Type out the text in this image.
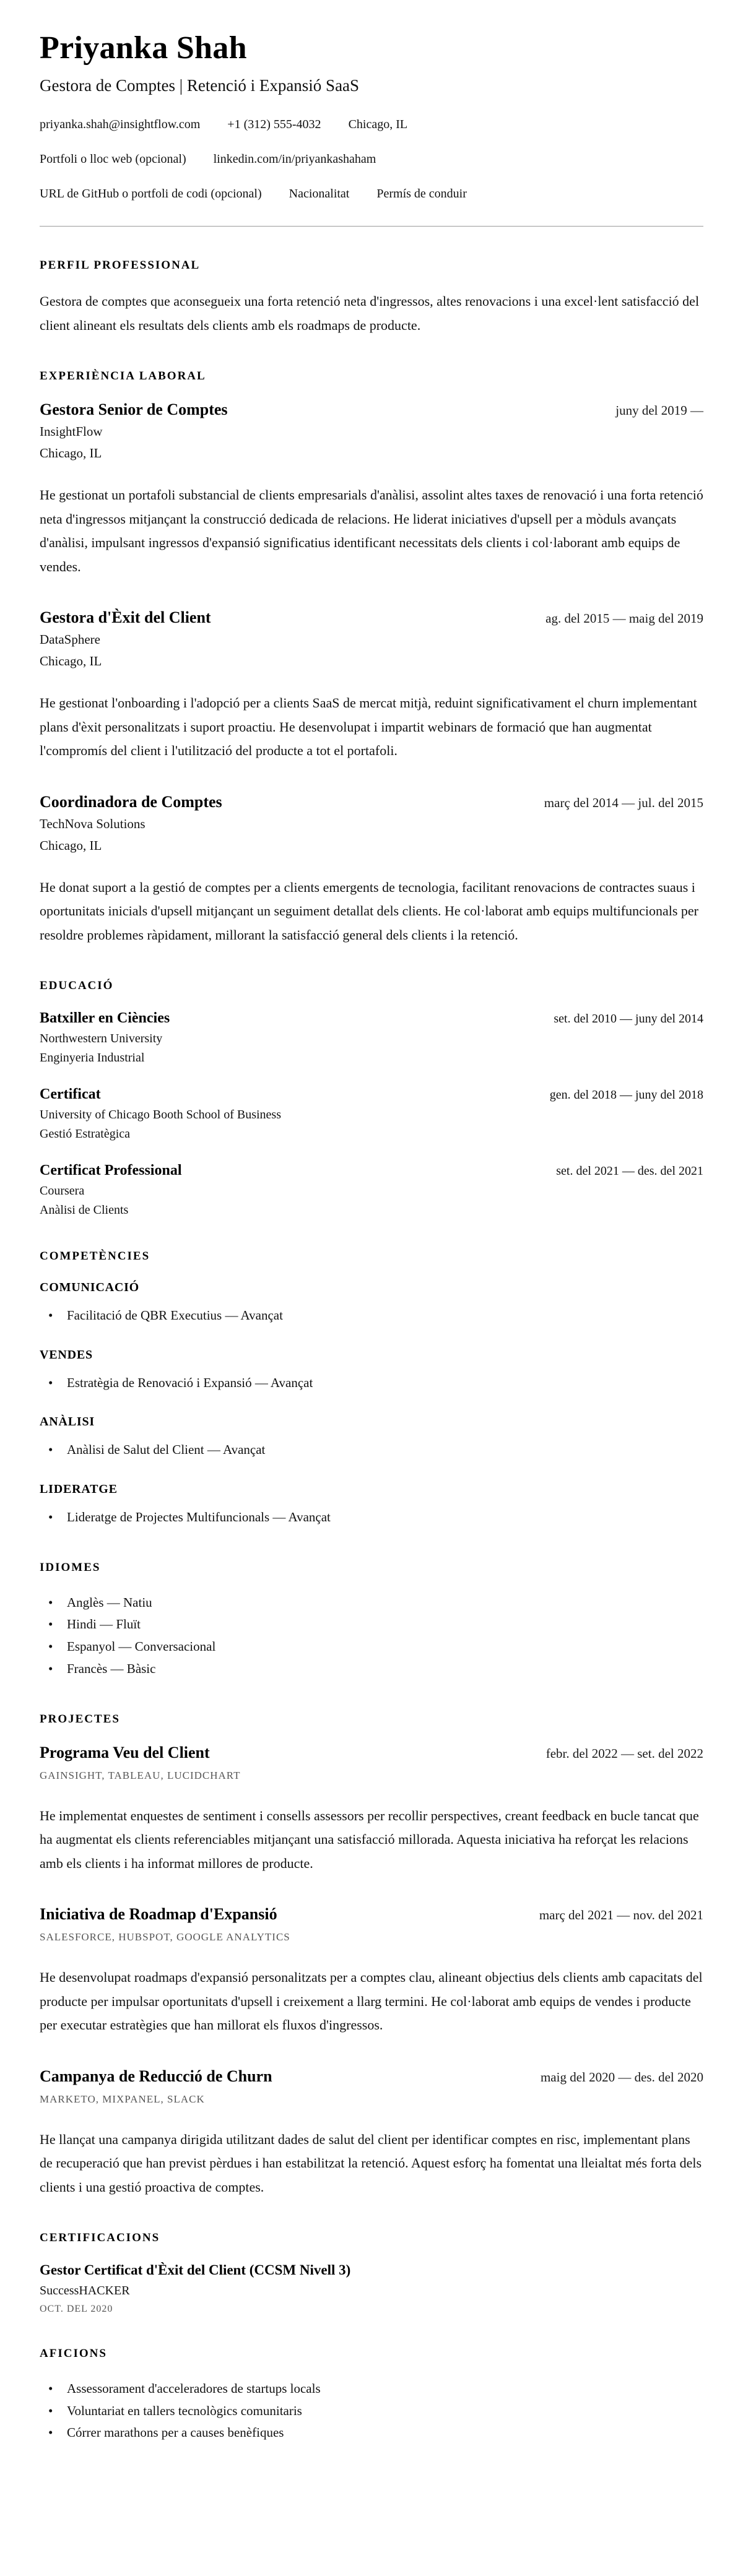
Priyanka Shah
Gestora de Comptes | Retenció i Expansió SaaS
priyanka.shah@insightflow.com +1 (312) 555-4032 Chicago, IL
Portfoli o lloc web (opcional) linkedin.com/in/priyankashaham
URL de GitHub o portfoli de codi (opcional) Nacionalitat Permís de conduir
PERFIL PROFESSIONAL

Gestora de comptes que aconsegueix una forta retenció neta d'ingressos, altes renovacions i una excel·lent satisfacció del client alineant els resultats dels clients amb els roadmaps de producte.

EXPERIÈNCIA LABORAL
Gestora Senior de Comptes	juny del 2019 —
InsightFlow
Chicago, IL

He gestionat un portafoli substancial de clients empresarials d'anàlisi, assolint altes taxes de renovació i una forta retenció neta d'ingressos mitjançant la construcció dedicada de relacions. He liderat iniciatives d'upsell per a mòduls avançats d'anàlisi, impulsant ingressos d'expansió significatius identificant necessitats dels clients i col·laborant amb equips de vendes.

Gestora d'Èxit del Client	ag. del 2015 — maig del 2019
DataSphere
Chicago, IL

He gestionat l'onboarding i l'adopció per a clients SaaS de mercat mitjà, reduint significativament el churn implementant plans d'èxit personalitzats i suport proactiu. He desenvolupat i impartit webinars de formació que han augmentat l'compromís del client i l'utilització del producte a tot el portafoli.

Coordinadora de Comptes	març del 2014 — jul. del 2015
TechNova Solutions
Chicago, IL

He donat suport a la gestió de comptes per a clients emergents de tecnologia, facilitant renovacions de contractes suaus i oportunitats inicials d'upsell mitjançant un seguiment detallat dels clients. He col·laborat amb equips multifuncionals per resoldre problemes ràpidament, millorant la satisfacció general dels clients i la retenció.

EDUCACIÓ
Batxiller en Ciències	set. del 2010 — juny del 2014
Northwestern University
Enginyeria Industrial
Certificat	gen. del 2018 — juny del 2018
University of Chicago Booth School of Business
Gestió Estratègica
Certificat Professional	set. del 2021 — des. del 2021
Coursera
Anàlisi de Clients
COMPETÈNCIES
COMUNICACIÓ
• Facilitació de QBR Executius — Avançat
VENDES
• Estratègia de Renovació i Expansió — Avançat
ANÀLISI
• Anàlisi de Salut del Client — Avançat
LIDERATGE
• Lideratge de Projectes Multifuncionals — Avançat
IDIOMES
• Anglès — Natiu
• Hindi — Fluït
• Espanyol — Conversacional
• Francès — Bàsic
PROJECTES
Programa Veu del Client	febr. del 2022 — set. del 2022
GAINSIGHT, TABLEAU, LUCIDCHART

He implementat enquestes de sentiment i consells assessors per recollir perspectives, creant feedback en bucle tancat que ha augmentat els clients referenciables mitjançant una satisfacció millorada. Aquesta iniciativa ha reforçat les relacions amb els clients i ha informat millores de producte.

Iniciativa de Roadmap d'Expansió	març del 2021 — nov. del 2021
SALESFORCE, HUBSPOT, GOOGLE ANALYTICS

He desenvolupat roadmaps d'expansió personalitzats per a comptes clau, alineant objectius dels clients amb capacitats del producte per impulsar oportunitats d'upsell i creixement a llarg termini. He col·laborat amb equips de vendes i producte per executar estratègies que han millorat els fluxos d'ingressos.

Campanya de Reducció de Churn	maig del 2020 — des. del 2020
MARKETO, MIXPANEL, SLACK

He llançat una campanya dirigida utilitzant dades de salut del client per identificar comptes en risc, implementant plans de recuperació que han previst pèrdues i han estabilitzat la retenció. Aquest esforç ha fomentat una lleialtat més forta dels clients i una gestió proactiva de comptes.

CERTIFICACIONS
Gestor Certificat d'Èxit del Client (CCSM Nivell 3)
SuccessHACKER
OCT. DEL 2020
AFICIONS
• Assessorament d'acceleradores de startups locals
• Voluntariat en tallers tecnològics comunitaris
• Córrer marathons per a causes benèfiques
